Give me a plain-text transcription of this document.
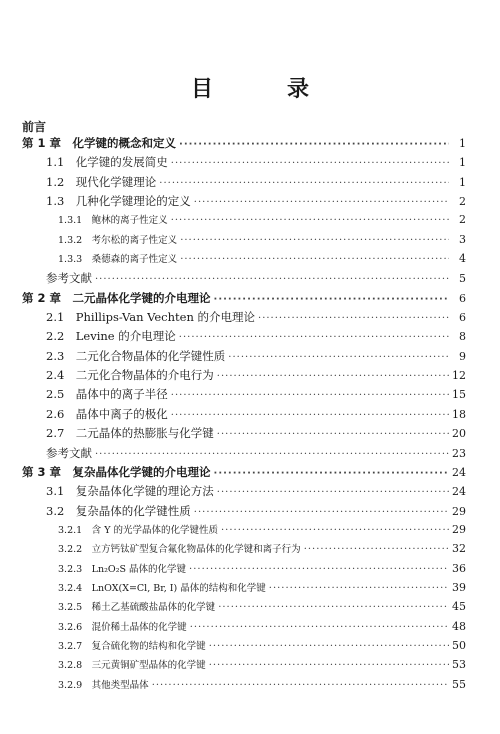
目　录
前言
第 1 章　化学键的概念和定义 ·····	1
1.1　化学键的发展简史 ·····	1
1.2　现代化学键理论 ·····	1
1.3　几种化学键理论的定义 ·····	2
1.3.1　鲍林的离子性定义 ·····	2
1.3.2　考尔松的离子性定义 ·····	3
1.3.3　桑德森的离子性定义 ·····	4
参考文献 ·····	5
第 2 章　二元晶体化学键的介电理论 ·····	6
2.1　Phillips-Van Vechten 的介电理论 ·····	6
2.2　Levine 的介电理论 ·····	8
2.3　二元化合物晶体的化学键性质 ·····	9
2.4　二元化合物晶体的介电行为 ·····	12
2.5　晶体中的离子半径 ·····	15
2.6　晶体中离子的极化 ·····	18
2.7　二元晶体的热膨胀与化学键 ·····	20
参考文献 ·····	23
第 3 章　复杂晶体化学键的介电理论 ·····	24
3.1　复杂晶体化学键的理论方法 ·····	24
3.2　复杂晶体的化学键性质 ·····	29
3.2.1　含 Y 的光学晶体的化学键性质 ·····	29
3.2.2　立方钙钛矿型复合氟化物晶体的化学键和离子行为 ·····	32
3.2.3　Ln₂O₂S 晶体的化学键 ·····	36
3.2.4　LnOX(X=Cl, Br, I) 晶体的结构和化学键 ·····	39
3.2.5　稀土乙基硫酸盐晶体的化学键 ·····	45
3.2.6　混价稀土晶体的化学键 ·····	48
3.2.7　复合硫化物的结构和化学键 ·····	50
3.2.8　三元黄铜矿型晶体的化学键 ·····	53
3.2.9　其他类型晶体 ·····	55
